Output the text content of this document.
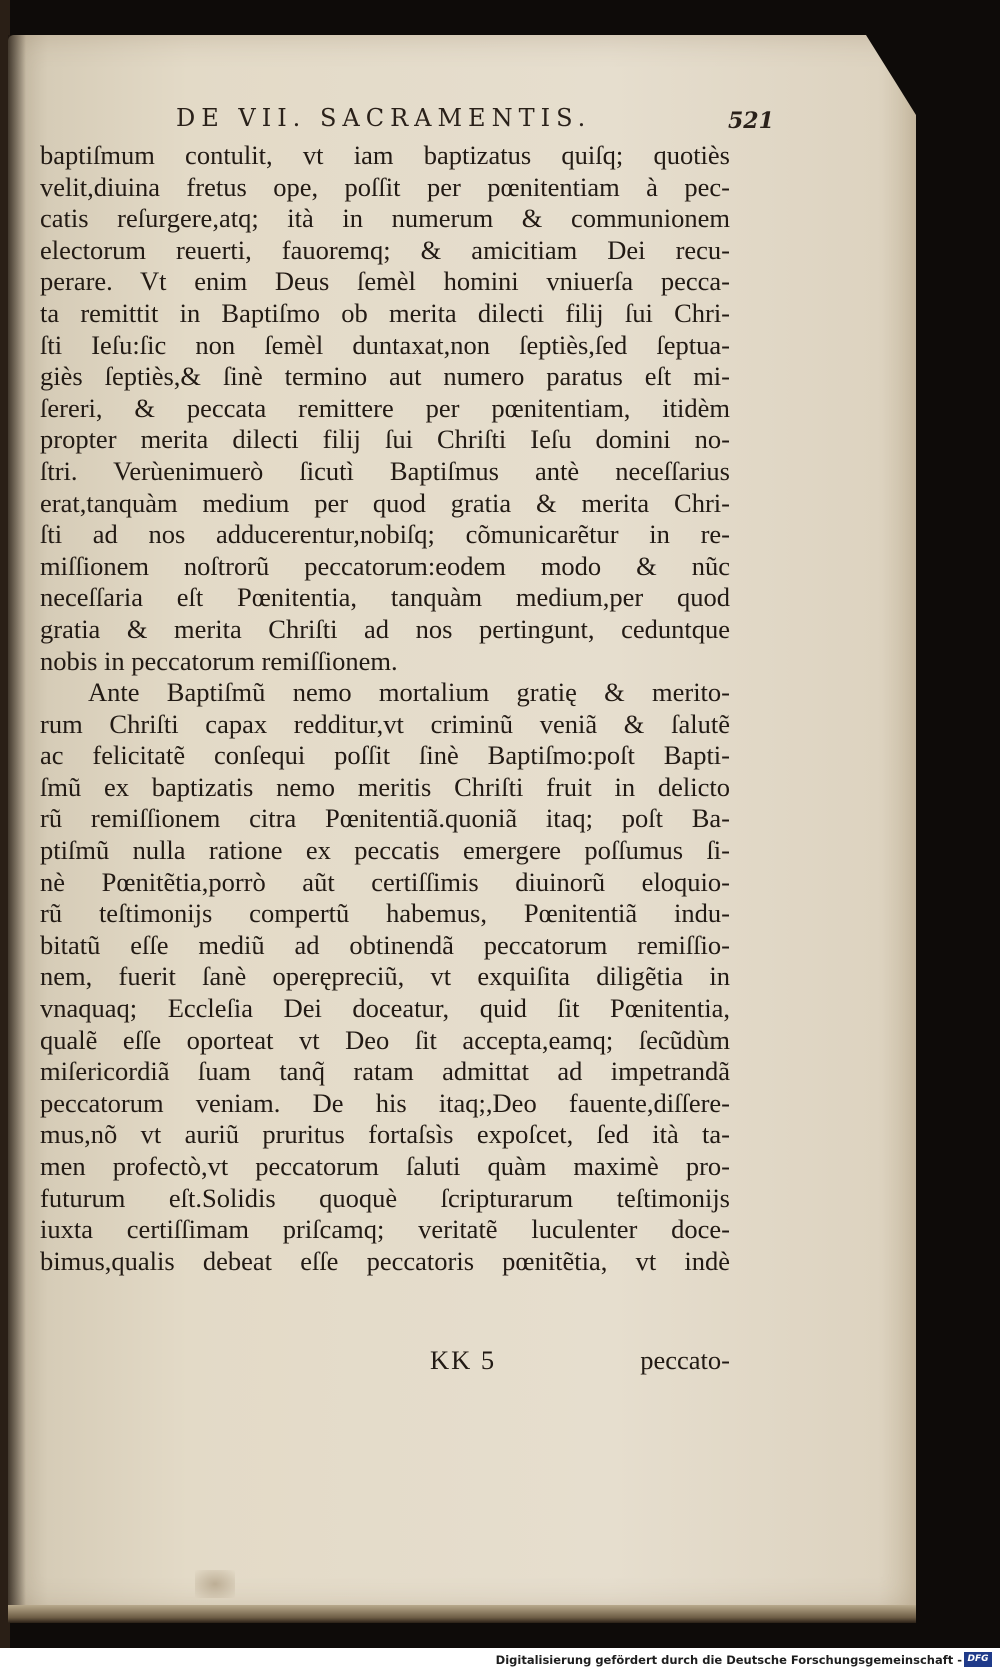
DE VII. SACRAMENTIS.	521
baptiſmum contulit, vt iam baptizatus quiſq; quotiès
velit,diuina fretus ope, poſſit per pœnitentiam à pec-
catis reſurgere,atq; ità in numerum & communionem
electorum reuerti, fauoremq; & amicitiam Dei recu-
perare. Vt enim Deus ſemèl homini vniuerſa pecca-
ta remittit in Baptiſmo ob merita dilecti filij ſui Chri-
ſti Ieſu:ſic non ſemèl duntaxat,non ſeptiès,ſed ſeptua-
giès ſeptiès,& ſinè termino aut numero paratus eſt mi-
ſereri, & peccata remittere per pœnitentiam, itidèm
propter merita dilecti filij ſui Chriſti Ieſu domini no-
ſtri. Verùenimuerò ſicutì Baptiſmus antè neceſſarius
erat,tanquàm medium per quod gratia & merita Chri-
ſti ad nos adducerentur,nobiſq; cõmunicarẽtur in re-
miſſionem noſtrorũ peccatorum:eodem modo & nũc
neceſſaria eſt Pœnitentia, tanquàm medium,per quod
gratia & merita Chriſti ad nos pertingunt, ceduntque
nobis in peccatorum remiſſionem.
Ante Baptiſmũ nemo mortalium gratię & merito-
rum Chriſti capax redditur,vt criminũ veniã & ſalutẽ
ac felicitatẽ conſequi poſſit ſinè Baptiſmo:poſt Bapti-
ſmũ ex baptizatis nemo meritis Chriſti fruit in delicto
rũ remiſſionem citra Pœnitentiã.quoniã itaq; poſt Ba-
ptiſmũ nulla ratione ex peccatis emergere poſſumus ſi-
nè Pœnitẽtia,porrò aũt certiſſimis diuinorũ eloquio-
rũ teſtimonijs compertũ habemus, Pœnitentiã indu-
bitatũ eſſe mediũ ad obtinendã peccatorum remiſſio-
nem, fuerit ſanè operępreciũ, vt exquiſita diligẽtia in
vnaquaq; Eccleſia Dei doceatur, quid ſit Pœnitentia,
qualẽ eſſe oporteat vt Deo ſit accepta,eamq; ſecũdùm
miſericordiã ſuam tanq̃ ratam admittat ad impetrandã
peccatorum veniam. De his itaq;,Deo fauente,diſſere-
mus,nõ vt auriũ pruritus fortaſsìs expoſcet, ſed ità ta-
men profectò,vt peccatorum ſaluti quàm maximè pro-
futurum eſt.Solidis quoquè ſcripturarum teſtimonijs
iuxta certiſſimam priſcamq; veritatẽ luculenter doce-
bimus,qualis debeat eſſe peccatoris pœnitẽtia, vt indè
KK 5	peccato-
Digitalisierung gefördert durch die Deutsche Forschungsgemeinschaft - DFG
